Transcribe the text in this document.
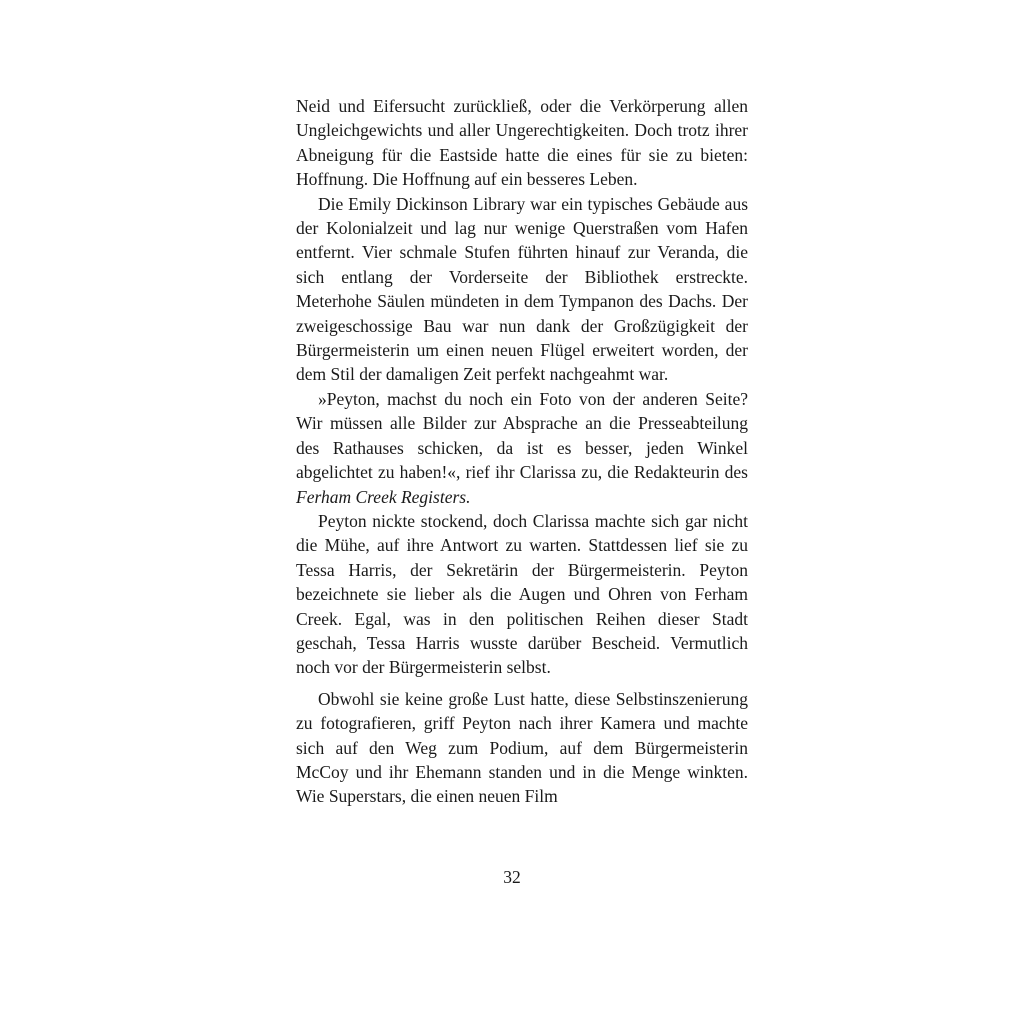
Neid und Eifersucht zurückließ, oder die Verkörperung allen Ungleichgewichts und aller Ungerechtigkeiten. Doch trotz ihrer Abneigung für die Eastside hatte die eines für sie zu bieten: Hoffnung. Die Hoffnung auf ein besseres Leben.

Die Emily Dickinson Library war ein typisches Gebäude aus der Kolonialzeit und lag nur wenige Querstraßen vom Hafen entfernt. Vier schmale Stufen führten hinauf zur Veranda, die sich entlang der Vorderseite der Bibliothek erstreckte. Meterhohe Säulen mündeten in dem Tympanon des Dachs. Der zweigeschossige Bau war nun dank der Großzügigkeit der Bürgermeisterin um einen neuen Flügel erweitert worden, der dem Stil der damaligen Zeit perfekt nachgeahmt war.

»Peyton, machst du noch ein Foto von der anderen Seite? Wir müssen alle Bilder zur Absprache an die Presseabteilung des Rathauses schicken, da ist es besser, jeden Winkel abgelichtet zu haben!«, rief ihr Clarissa zu, die Redakteurin des Ferham Creek Registers.

Peyton nickte stockend, doch Clarissa machte sich gar nicht die Mühe, auf ihre Antwort zu warten. Stattdessen lief sie zu Tessa Harris, der Sekretärin der Bürgermeisterin. Peyton bezeichnete sie lieber als die Augen und Ohren von Ferham Creek. Egal, was in den politischen Reihen dieser Stadt geschah, Tessa Harris wusste darüber Bescheid. Vermutlich noch vor der Bürgermeisterin selbst.

Obwohl sie keine große Lust hatte, diese Selbstinszenierung zu fotografieren, griff Peyton nach ihrer Kamera und machte sich auf den Weg zum Podium, auf dem Bürgermeisterin McCoy und ihr Ehemann standen und in die Menge winkten. Wie Superstars, die einen neuen Film

32
